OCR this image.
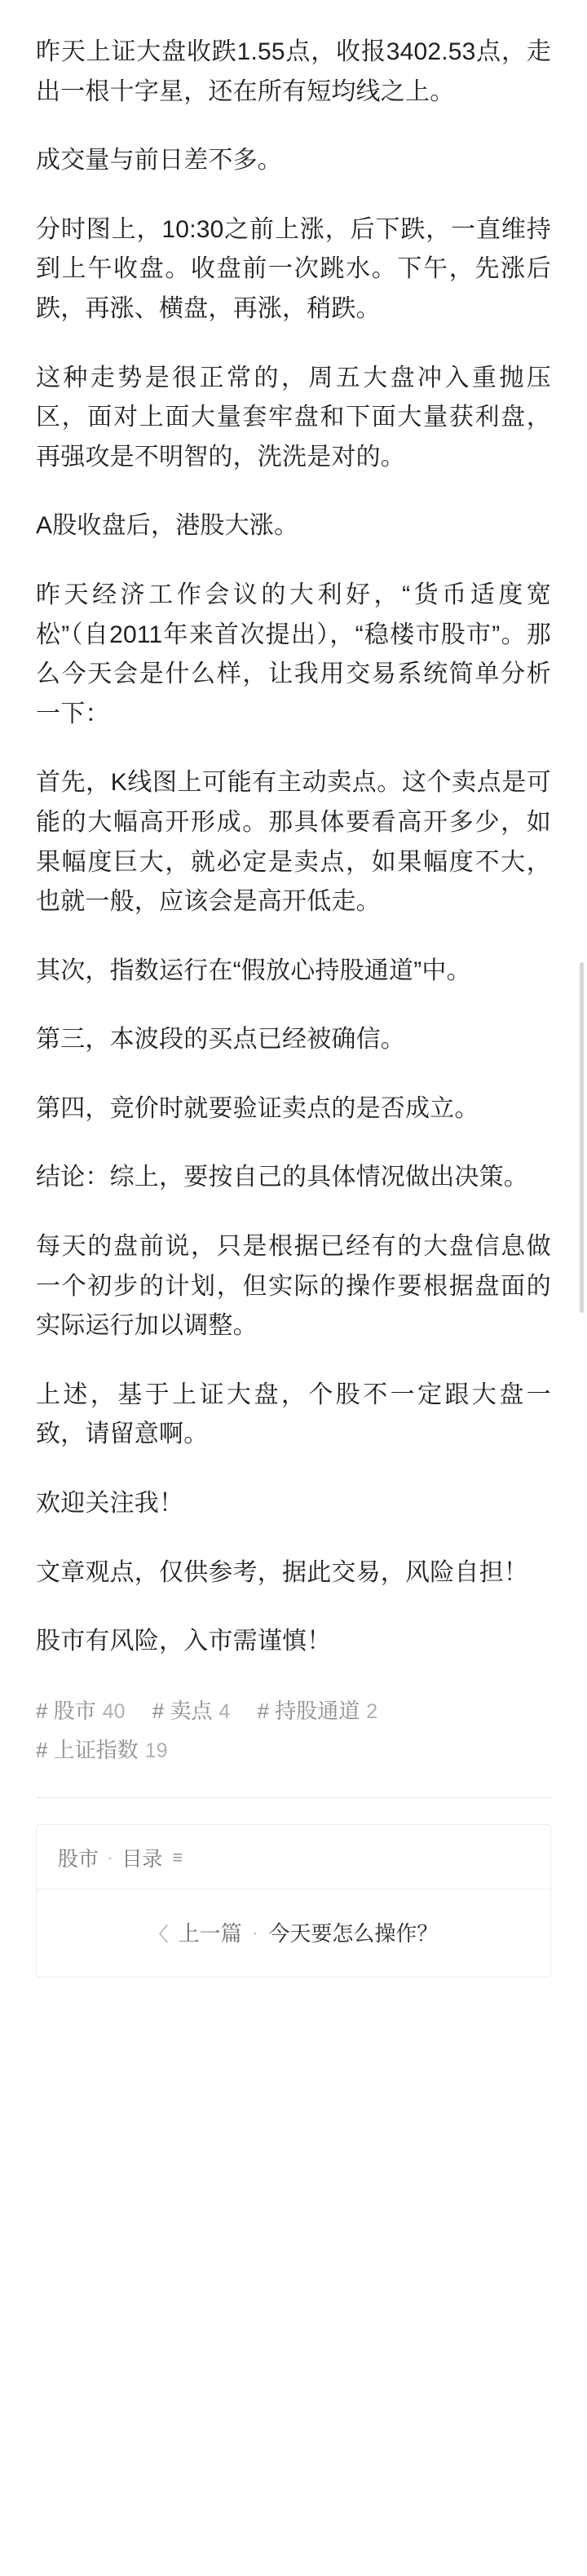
昨天上证大盘收跌1.55点，收报3402.53点，走出一根十字星，还在所有短均线之上。

成交量与前日差不多。

分时图上，10:30之前上涨，后下跌，一直维持到上午收盘。收盘前一次跳水。下午，先涨后跌，再涨、横盘，再涨，稍跌。

这种走势是很正常的，周五大盘冲入重抛压区，面对上面大量套牢盘和下面大量获利盘，再强攻是不明智的，洗洗是对的。

A股收盘后，港股大涨。

昨天经济工作会议的大利好，“货币适度宽松”（自2011年来首次提出），“稳楼市股市”。那么今天会是什么样，让我用交易系统简单分析一下：

首先，K线图上可能有主动卖点。这个卖点是可能的大幅高开形成。那具体要看高开多少，如果幅度巨大，就必定是卖点，如果幅度不大，也就一般，应该会是高开低走。

其次，指数运行在“假放心持股通道”中。

第三，本波段的买点已经被确信。

第四，竞价时就要验证卖点的是否成立。

结论：综上，要按自己的具体情况做出决策。

每天的盘前说，只是根据已经有的大盘信息做一个初步的计划，但实际的操作要根据盘面的实际运行加以调整。

上述，基于上证大盘，个股不一定跟大盘一致，请留意啊。

欢迎关注我！

文章观点，仅供参考，据此交易，风险自担！

股市有风险，入市需谨慎！

# 股市 40 # 卖点 4 # 持股通道 2 # 上证指数 19
股市 · 目录 ≡
〈 上一篇 · 今天要怎么操作？
